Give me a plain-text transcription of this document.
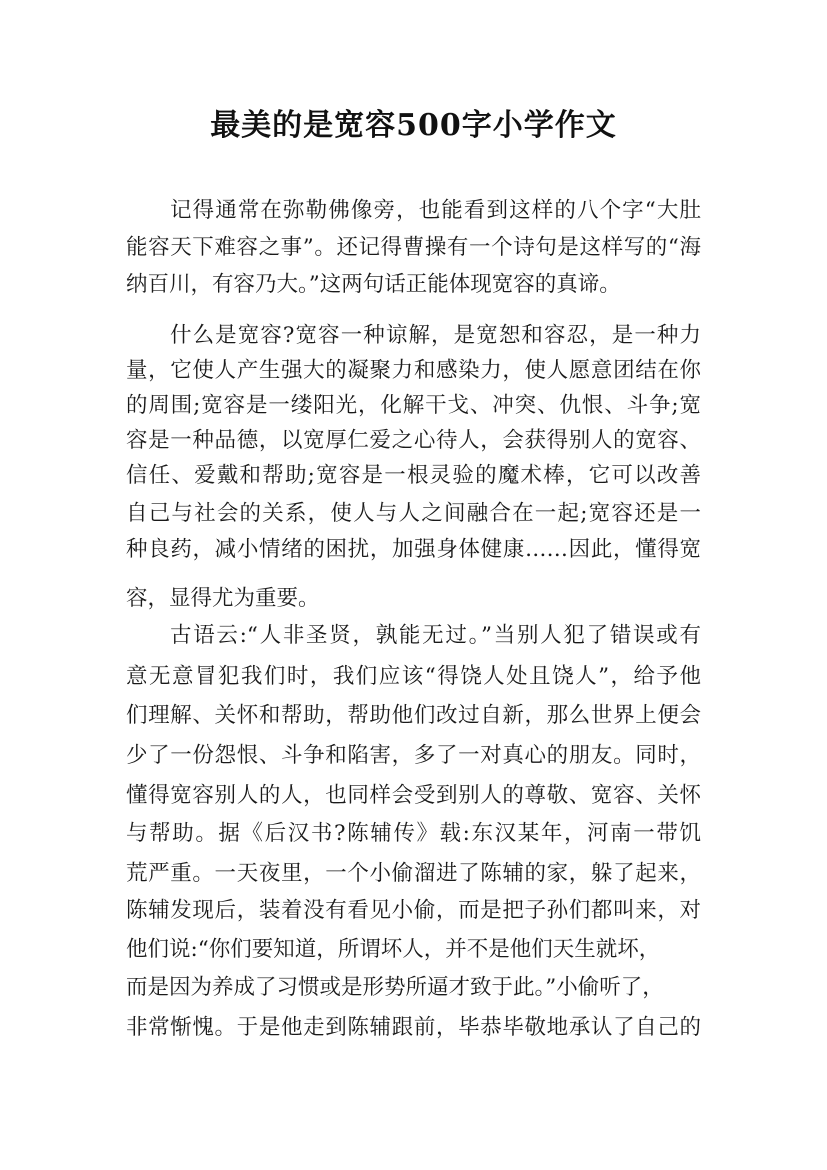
最美的是宽容500字小学作文
记得通常在弥勒佛像旁，也能看到这样的八个字“大肚
能容天下难容之事”。还记得曹操有一个诗句是这样写的“海
纳百川，有容乃大。”这两句话正能体现宽容的真谛。
什么是宽容?宽容一种谅解，是宽恕和容忍，是一种力
量，它使人产生强大的凝聚力和感染力，使人愿意团结在你
的周围;宽容是一缕阳光，化解干戈、冲突、仇恨、斗争;宽
容是一种品德，以宽厚仁爱之心待人，会获得别人的宽容、
信任、爱戴和帮助;宽容是一根灵验的魔术棒，它可以改善
自己与社会的关系，使人与人之间融合在一起;宽容还是一
种良药，减小情绪的困扰，加强身体健康……因此，懂得宽
容，显得尤为重要。
古语云:“人非圣贤，孰能无过。”当别人犯了错误或有
意无意冒犯我们时，我们应该“得饶人处且饶人”，给予他
们理解、关怀和帮助，帮助他们改过自新，那么世界上便会
少了一份怨恨、斗争和陷害，多了一对真心的朋友。同时，
懂得宽容别人的人，也同样会受到别人的尊敬、宽容、关怀
与帮助。据《后汉书?陈辅传》载:东汉某年，河南一带饥
荒严重。一天夜里，一个小偷溜进了陈辅的家，躲了起来，
陈辅发现后，装着没有看见小偷，而是把子孙们都叫来，对
他们说:“你们要知道，所谓坏人，并不是他们天生就坏，
而是因为养成了习惯或是形势所逼才致于此。”小偷听了，
非常惭愧。于是他走到陈辅跟前，毕恭毕敬地承认了自己的
